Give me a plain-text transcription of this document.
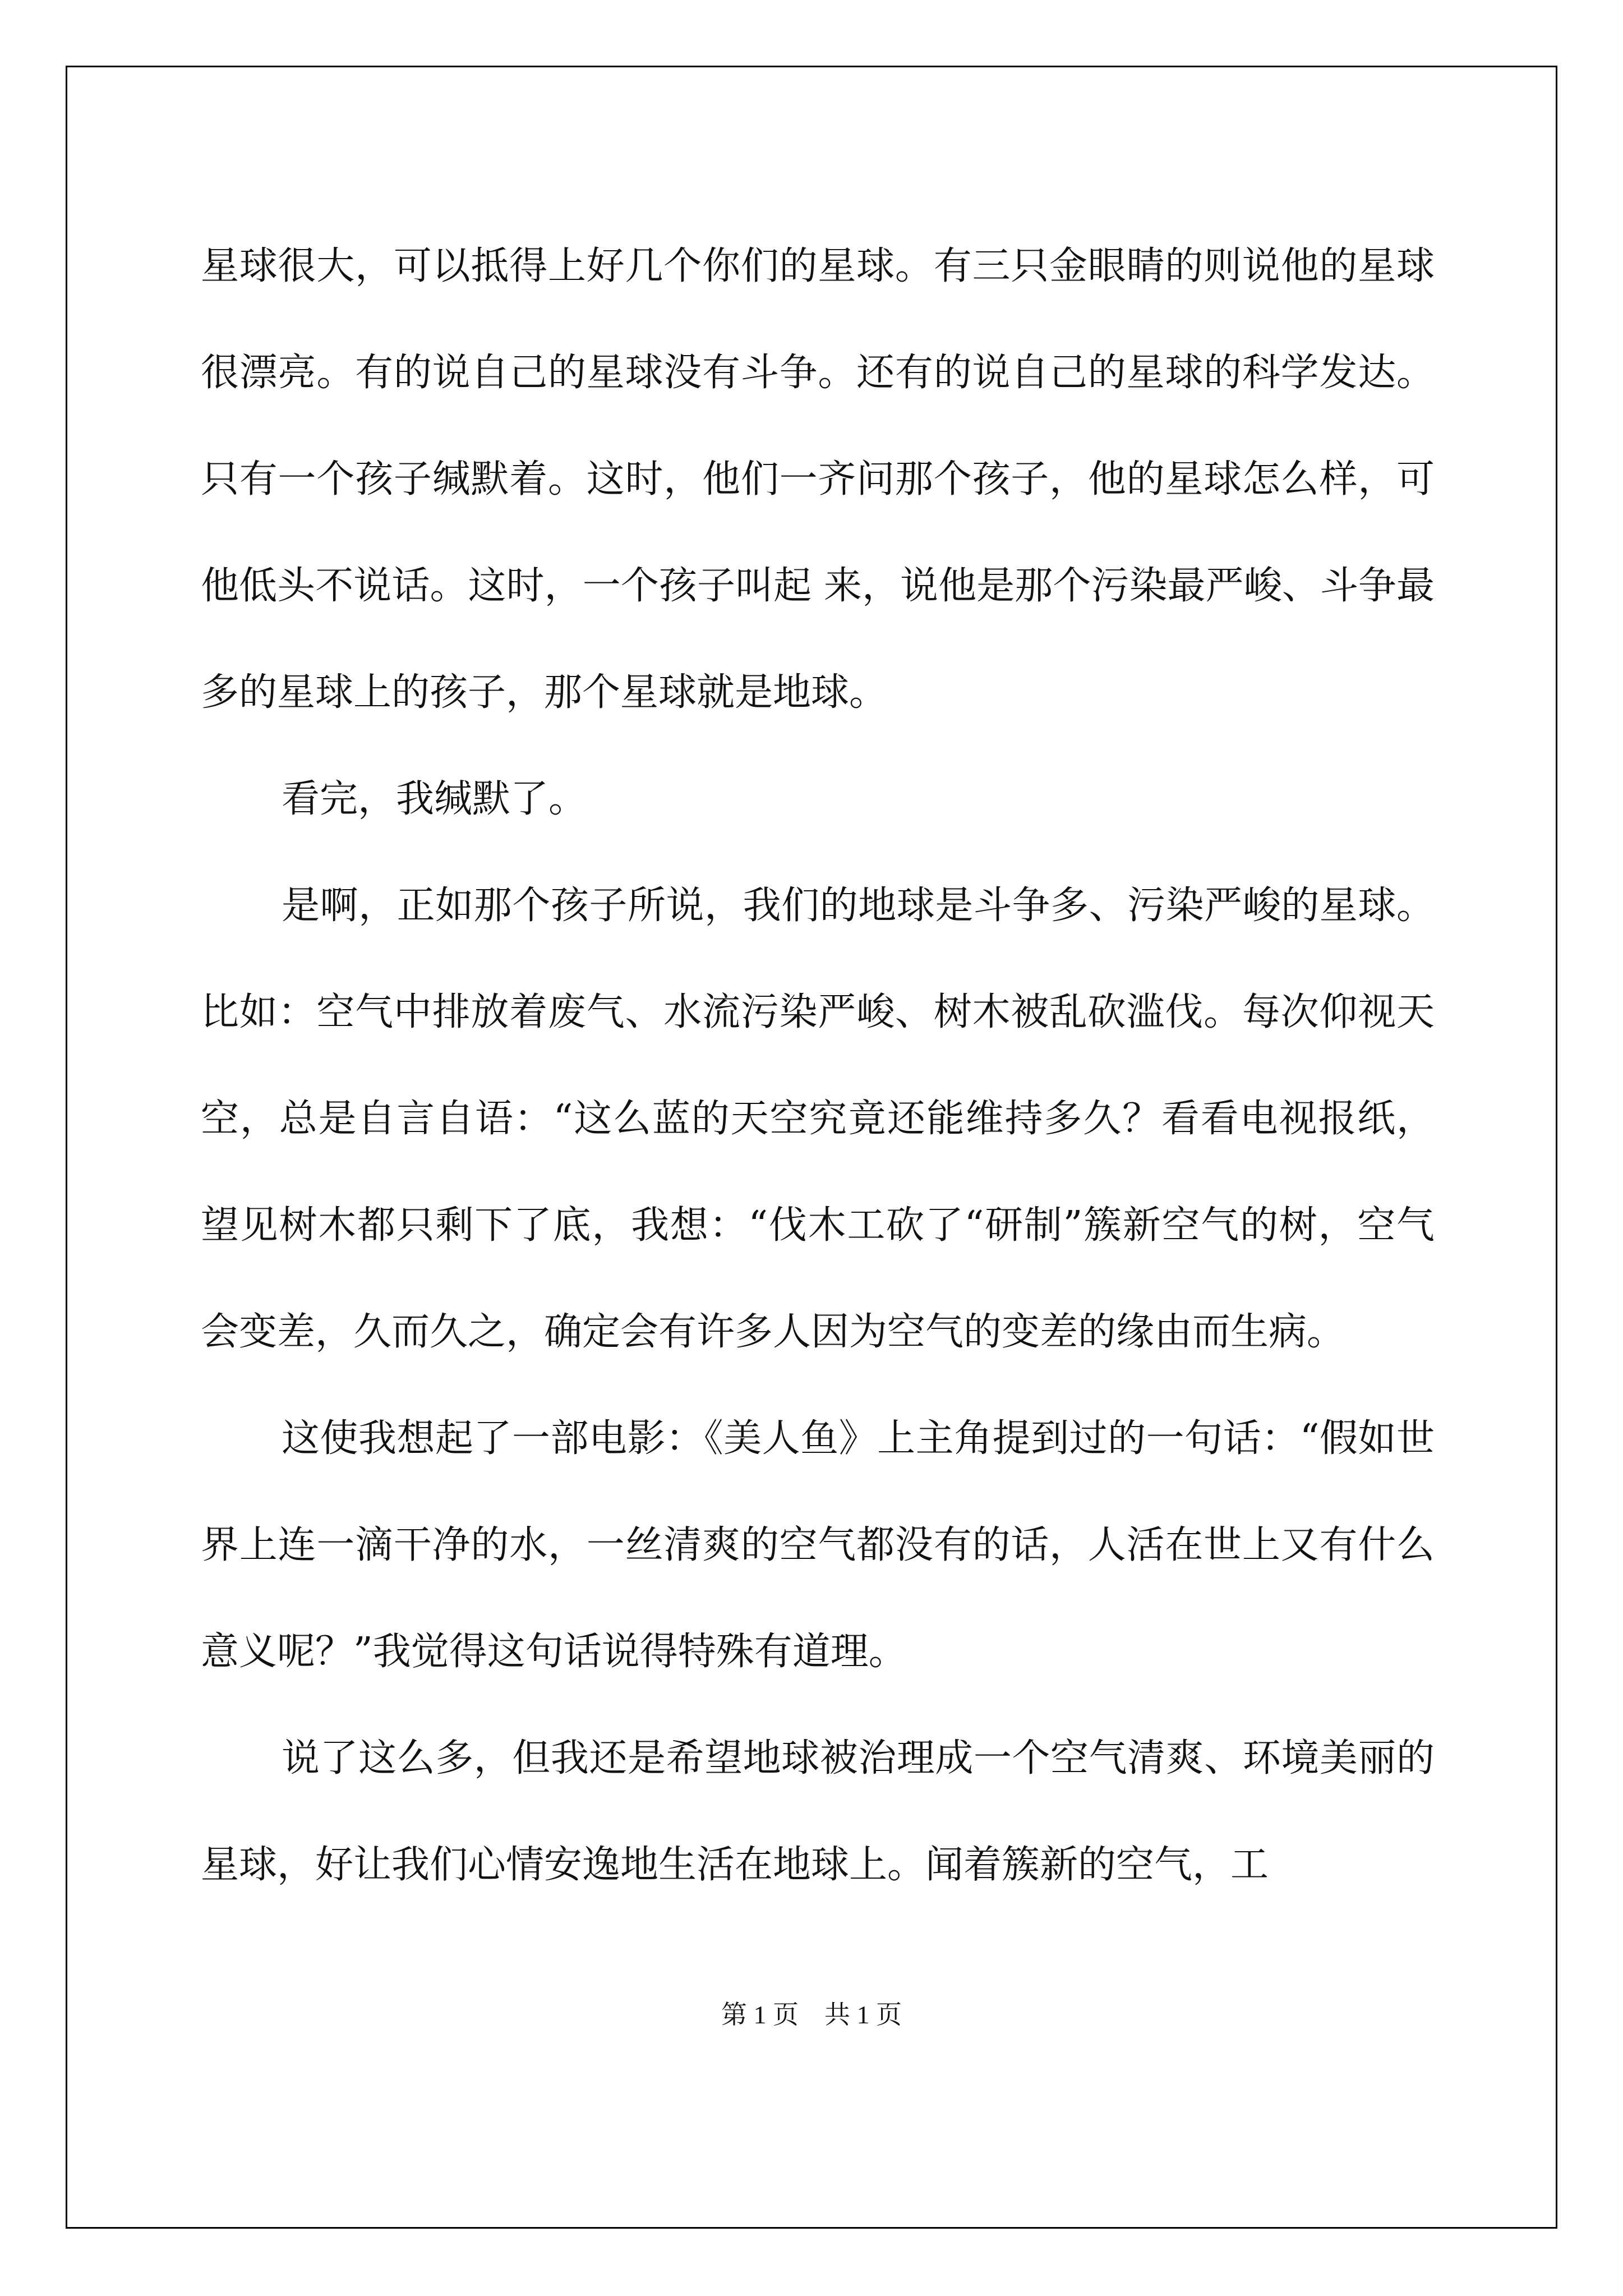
星球很大，可以抵得上好几个你们的星球。有三只金眼睛的则说他的星球很漂亮。有的说自己的星球没有斗争。还有的说自己的星球的科学发达。只有一个孩子缄默着。这时，他们一齐问那个孩子，他的星球怎么样，可他低头不说话。这时，一个孩子叫起 来，说他是那个污染最严峻、斗争最多的星球上的孩子，那个星球就是地球。

看完，我缄默了。

是啊，正如那个孩子所说，我们的地球是斗争多、污染严峻的星球。比如：空气中排放着废气、水流污染严峻、树木被乱砍滥伐。每次仰视天空，总是自言自语：“这么蓝的天空究竟还能维持多久？看看电视报纸，望见树木都只剩下了底，我想：“伐木工砍了“研制”簇新空气的树，空气会变差，久而久之，确定会有许多人因为空气的变差的缘由而生病。

这使我想起了一部电影：《美人鱼》上主角提到过的一句话：“假如世界上连一滴干净的水，一丝清爽的空气都没有的话，人活在世上又有什么意义呢？”我觉得这句话说得特殊有道理。

说了这么多，但我还是希望地球被治理成一个空气清爽、环境美丽的星球，好让我们心情安逸地生活在地球上。闻着簇新的空气，工

第 1 页 共 1 页
